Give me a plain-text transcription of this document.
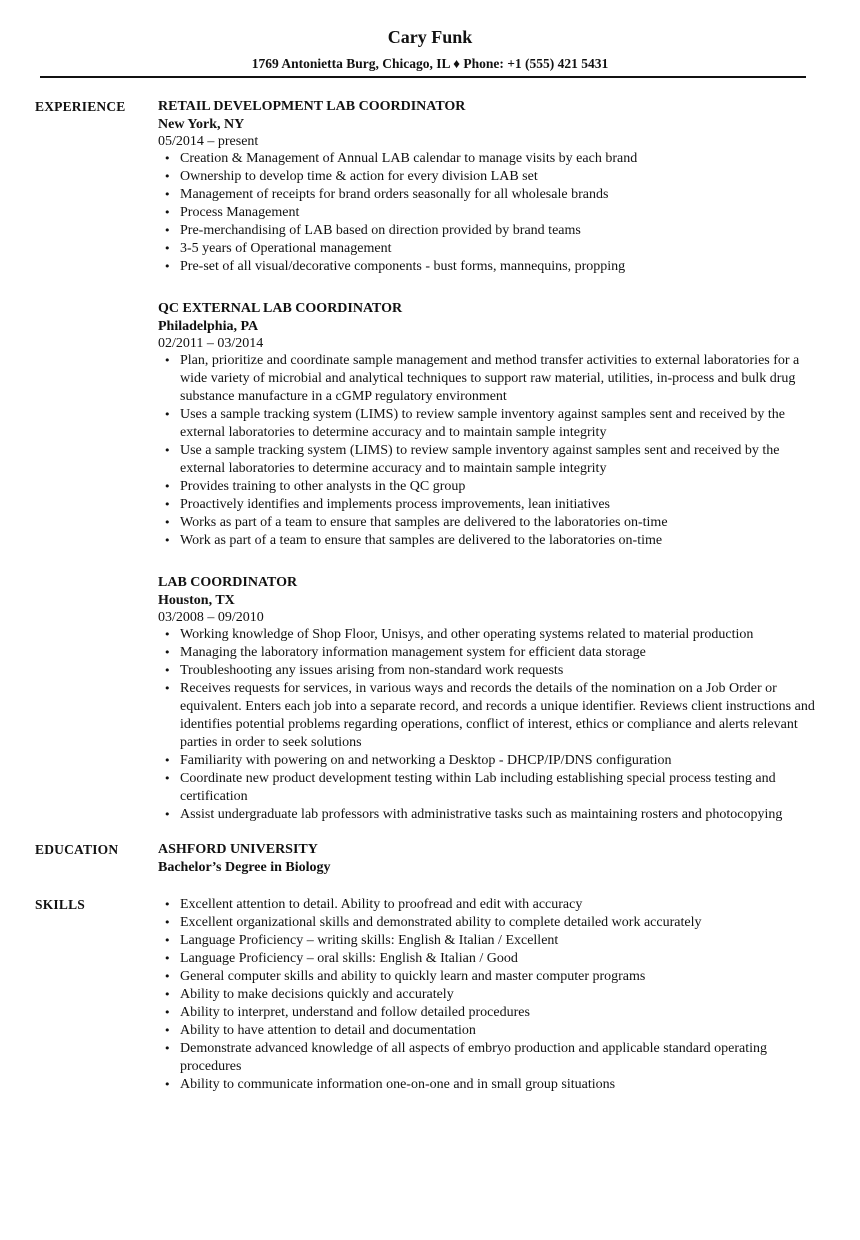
Cary Funk
1769 Antonietta Burg, Chicago, IL ♦ Phone: +1 (555) 421 5431
EXPERIENCE RETAIL DEVELOPMENT LAB COORDINATOR
New York, NY
05/2014 – present
• Creation & Management of Annual LAB calendar to manage visits by each brand
• Ownership to develop time & action for every division LAB set
• Management of receipts for brand orders seasonally for all wholesale brands
• Process Management
• Pre-merchandising of LAB based on direction provided by brand teams
• 3-5 years of Operational management
• Pre-set of all visual/decorative components - bust forms, mannequins, propping
QC EXTERNAL LAB COORDINATOR
Philadelphia, PA
02/2011 – 03/2014
• Plan, prioritize and coordinate sample management and method transfer activities to external laboratories for a wide variety of microbial and analytical techniques to support raw material, utilities, in-process and bulk drug substance manufacture in a cGMP regulatory environment
• Uses a sample tracking system (LIMS) to review sample inventory against samples sent and received by the external laboratories to determine accuracy and to maintain sample integrity
• Use a sample tracking system (LIMS) to review sample inventory against samples sent and received by the external laboratories to determine accuracy and to maintain sample integrity
• Provides training to other analysts in the QC group
• Proactively identifies and implements process improvements, lean initiatives
• Works as part of a team to ensure that samples are delivered to the laboratories on-time
• Work as part of a team to ensure that samples are delivered to the laboratories on-time
LAB COORDINATOR
Houston, TX
03/2008 – 09/2010
• Working knowledge of Shop Floor, Unisys, and other operating systems related to material production
• Managing the laboratory information management system for efficient data storage
• Troubleshooting any issues arising from non-standard work requests
• Receives requests for services, in various ways and records the details of the nomination on a Job Order or equivalent. Enters each job into a separate record, and records a unique identifier. Reviews client instructions and identifies potential problems regarding operations, conflict of interest, ethics or compliance and alerts relevant parties in order to seek solutions
• Familiarity with powering on and networking a Desktop - DHCP/IP/DNS configuration
• Coordinate new product development testing within Lab including establishing special process testing and certification
• Assist undergraduate lab professors with administrative tasks such as maintaining rosters and photocopying
EDUCATION	ASHFORD UNIVERSITY
Bachelor’s Degree in Biology
SKILLS
•	Excellent attention to detail. Ability to proofread and edit with accuracy
• Excellent organizational skills and demonstrated ability to complete detailed work accurately
• Language Proficiency – writing skills: English & Italian / Excellent
• Language Proficiency – oral skills: English & Italian / Good
• General computer skills and ability to quickly learn and master computer programs
• Ability to make decisions quickly and accurately
• Ability to interpret, understand and follow detailed procedures
• Ability to have attention to detail and documentation
• Demonstrate advanced knowledge of all aspects of embryo production and applicable standard operating procedures
• Ability to communicate information one-on-one and in small group situations
